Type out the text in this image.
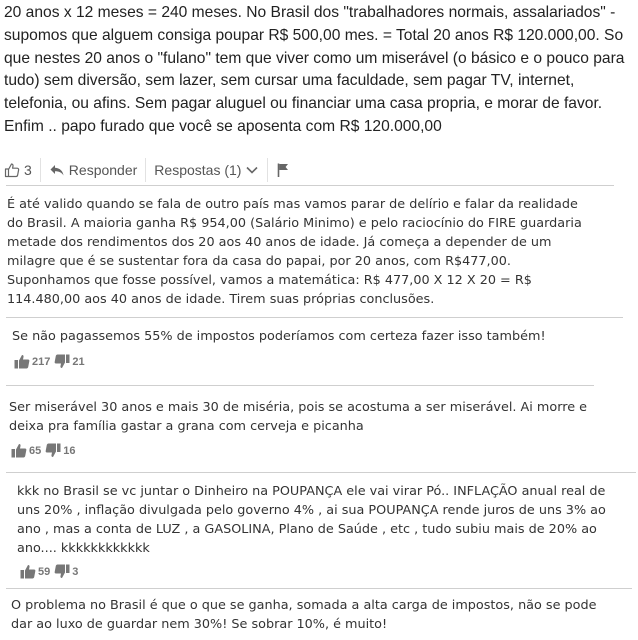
20 anos x 12 meses = 240 meses. No Brasil dos "trabalhadores normais, assalariados" - supomos que alguem consiga poupar R$ 500,00 mes. = Total 20 anos R$ 120.000,00. So que nestes 20 anos o "fulano" tem que viver como um miserável (o básico e o pouco para tudo) sem diversão, sem lazer, sem cursar uma faculdade, sem pagar TV, internet, telefonia, ou afins. Sem pagar aluguel ou financiar uma casa propria, e morar de favor. Enfim .. papo furado que você se aposenta com R$ 120.000,00
3	Responder Respostas (1)
É até valido quando se fala de outro país mas vamos parar de delírio e falar da realidade do Brasil. A maioria ganha R$ 954,00 (Salário Minimo) e pelo raciocínio do FIRE guardaria metade dos rendimentos dos 20 aos 40 anos de idade. Já começa a depender de um milagre que é se sustentar fora da casa do papai, por 20 anos, com R$477,00. Suponhamos que fosse possível, vamos a matemática: R$ 477,00 X 12 X 20 = R$ 114.480,00 aos 40 anos de idade. Tirem suas próprias conclusões.
Se não pagassemos 55% de impostos poderíamos com certeza fazer isso também!
217 21
Ser miserável 30 anos e mais 30 de miséria, pois se acostuma a ser miserável. Ai morre e deixa pra família gastar a grana com cerveja e picanha
65 16
kkk no Brasil se vc juntar o Dinheiro na POUPANÇA ele vai virar Pó.. INFLAÇÃO anual real de uns 20% , inflação divulgada pelo governo 4% , ai sua POUPANÇA rende juros de uns 3% ao ano , mas a conta de LUZ , a GASOLINA, Plano de Saúde , etc , tudo subiu mais de 20% ao ano.... kkkkkkkkkkkk
59 3
O problema no Brasil é que o que se ganha, somada a alta carga de impostos, não se pode dar ao luxo de guardar nem 30%! Se sobrar 10%, é muito!
